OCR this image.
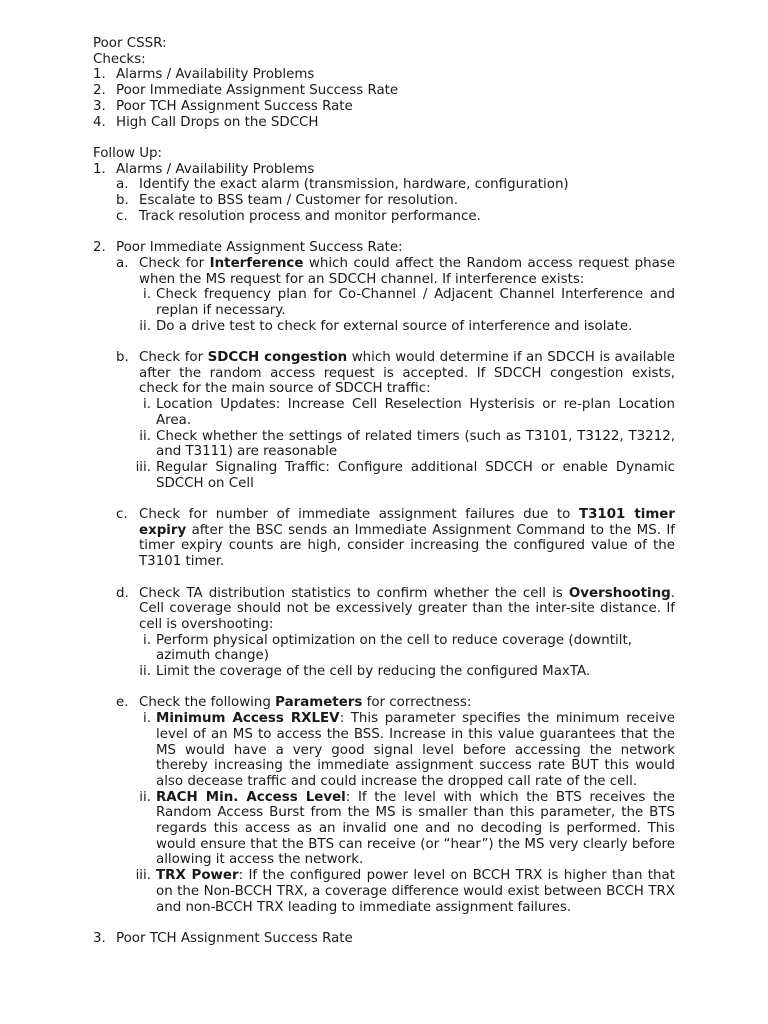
Poor CSSR:
Checks:
1. Alarms / Availability Problems
2. Poor Immediate Assignment Success Rate
3. Poor TCH Assignment Success Rate
4. High Call Drops on the SDCCH
Follow Up:
1. Alarms / Availability Problems
a. Identify the exact alarm (transmission, hardware, configuration)
b. Escalate to BSS team / Customer for resolution.
c. Track resolution process and monitor performance.
2. Poor Immediate Assignment Success Rate:
a. Check for Interference which could affect the Random access request phase when the MS request for an SDCCH channel. If interference exists:
i. Check frequency plan for Co-Channel / Adjacent Channel Interference and replan if necessary.
ii. Do a drive test to check for external source of interference and isolate.
b. Check for SDCCH congestion which would determine if an SDCCH is available after the random access request is accepted. If SDCCH congestion exists, check for the main source of SDCCH traffic:
i. Location Updates: Increase Cell Reselection Hysterisis or re-plan Location Area.
ii. Check whether the settings of related timers (such as T3101, T3122, T3212, and T3111) are reasonable
iii. Regular Signaling Traffic: Configure additional SDCCH or enable Dynamic SDCCH on Cell
c. Check for number of immediate assignment failures due to T3101 timer expiry after the BSC sends an Immediate Assignment Command to the MS. If timer expiry counts are high, consider increasing the configured value of the T3101 timer.
d. Check TA distribution statistics to confirm whether the cell is Overshooting. Cell coverage should not be excessively greater than the inter-site distance. If cell is overshooting:
i. Perform physical optimization on the cell to reduce coverage (downtilt, azimuth change)
ii. Limit the coverage of the cell by reducing the configured MaxTA.
e. Check the following Parameters for correctness:
i. Minimum Access RXLEV: This parameter specifies the minimum receive level of an MS to access the BSS. Increase in this value guarantees that the MS would have a very good signal level before accessing the network thereby increasing the immediate assignment success rate BUT this would also decease traffic and could increase the dropped call rate of the cell.
ii. RACH Min. Access Level: If the level with which the BTS receives the Random Access Burst from the MS is smaller than this parameter, the BTS regards this access as an invalid one and no decoding is performed. This would ensure that the BTS can receive (or “hear”) the MS very clearly before allowing it access the network.
iii. TRX Power: If the configured power level on BCCH TRX is higher than that on the Non-BCCH TRX, a coverage difference would exist between BCCH TRX and non-BCCH TRX leading to immediate assignment failures.
3. Poor TCH Assignment Success Rate
